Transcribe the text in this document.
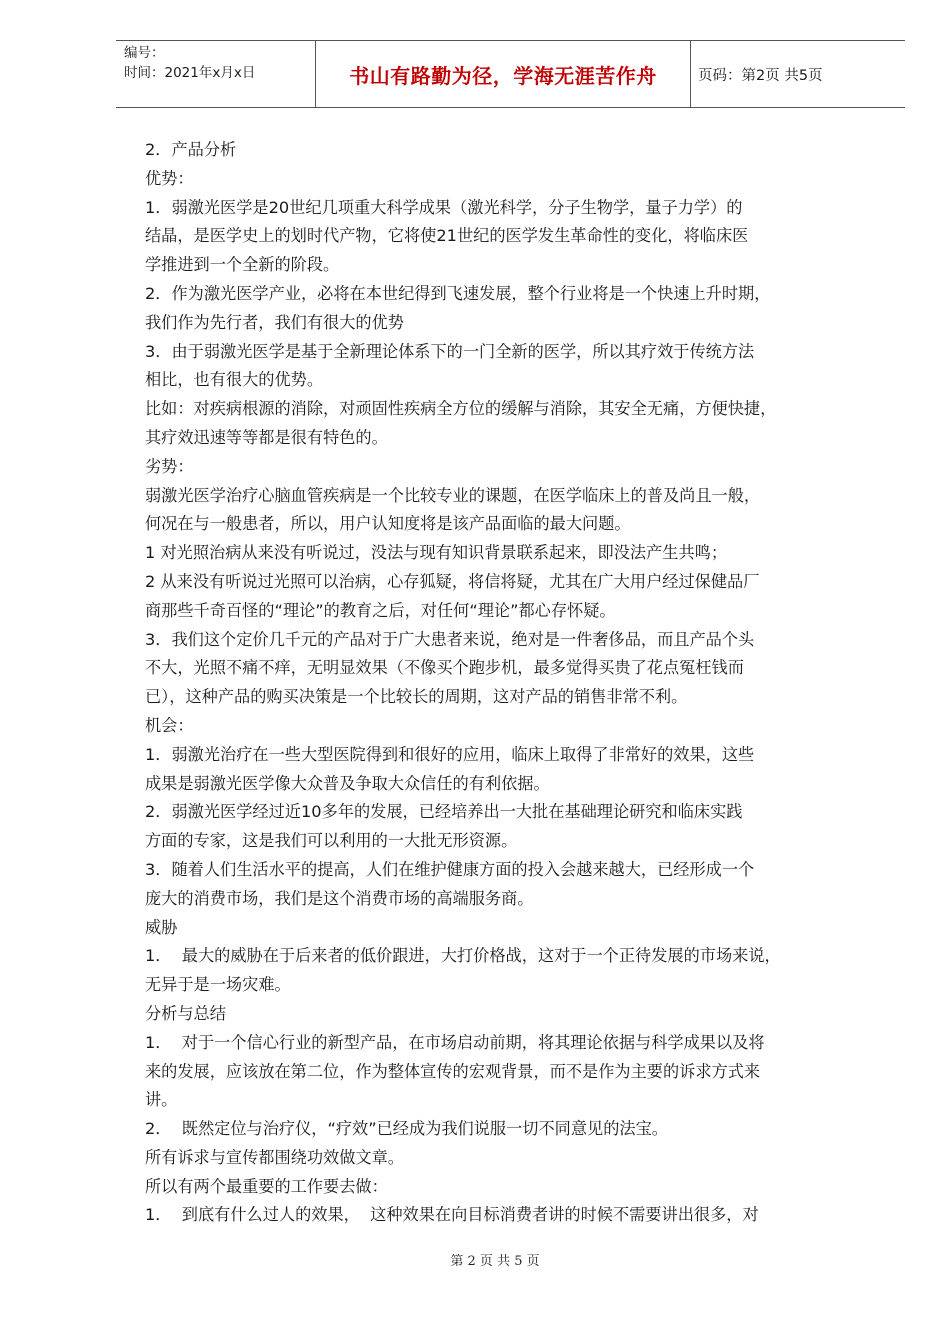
编号：
时间：2021年x月x日	书山有路勤为径，学海无涯苦作舟	页码：第2页 共5页

2．产品分析

优势：

1．弱激光医学是20世纪几项重大科学成果（激光科学，分子生物学，量子力学）的

结晶，是医学史上的划时代产物，它将使21世纪的医学发生革命性的变化，将临床医

学推进到一个全新的阶段。

2．作为激光医学产业，必将在本世纪得到飞速发展，整个行业将是一个快速上升时期，

我们作为先行者，我们有很大的优势

3．由于弱激光医学是基于全新理论体系下的一门全新的医学，所以其疗效于传统方法

相比，也有很大的优势。

比如：对疾病根源的消除，对顽固性疾病全方位的缓解与消除，其安全无痛，方便快捷，

其疗效迅速等等都是很有特色的。

劣势：

弱激光医学治疗心脑血管疾病是一个比较专业的课题，在医学临床上的普及尚且一般，

何况在与一般患者，所以，用户认知度将是该产品面临的最大问题。

1 对光照治病从来没有听说过，没法与现有知识背景联系起来，即没法产生共鸣；

2 从来没有听说过光照可以治病，心存狐疑，将信将疑，尤其在广大用户经过保健品厂

商那些千奇百怪的“理论”的教育之后，对任何“理论”都心存怀疑。

3．我们这个定价几千元的产品对于广大患者来说，绝对是一件奢侈品，而且产品个头

不大，光照不痛不痒，无明显效果（不像买个跑步机，最多觉得买贵了花点冤枉钱而

已），这种产品的购买决策是一个比较长的周期，这对产品的销售非常不利。

机会：

1．弱激光治疗在一些大型医院得到和很好的应用，临床上取得了非常好的效果，这些

成果是弱激光医学像大众普及争取大众信任的有利依据。

2．弱激光医学经过近10多年的发展，已经培养出一大批在基础理论研究和临床实践

方面的专家，这是我们可以利用的一大批无形资源。

3．随着人们生活水平的提高，人们在维护健康方面的投入会越来越大，已经形成一个

庞大的消费市场，我们是这个消费市场的高端服务商。

威胁

1．  最大的威胁在于后来者的低价跟进，大打价格战，这对于一个正待发展的市场来说，

无异于是一场灾难。

分析与总结

1．  对于一个信心行业的新型产品，在市场启动前期，将其理论依据与科学成果以及将

来的发展，应该放在第二位，作为整体宣传的宏观背景，而不是作为主要的诉求方式来

讲。

2．  既然定位与治疗仪，“疗效”已经成为我们说服一切不同意见的法宝。

所有诉求与宣传都围绕功效做文章。

所以有两个最重要的工作要去做：

1．  到底有什么过人的效果，  这种效果在向目标消费者讲的时候不需要讲出很多，对

第 2 页 共 5 页
